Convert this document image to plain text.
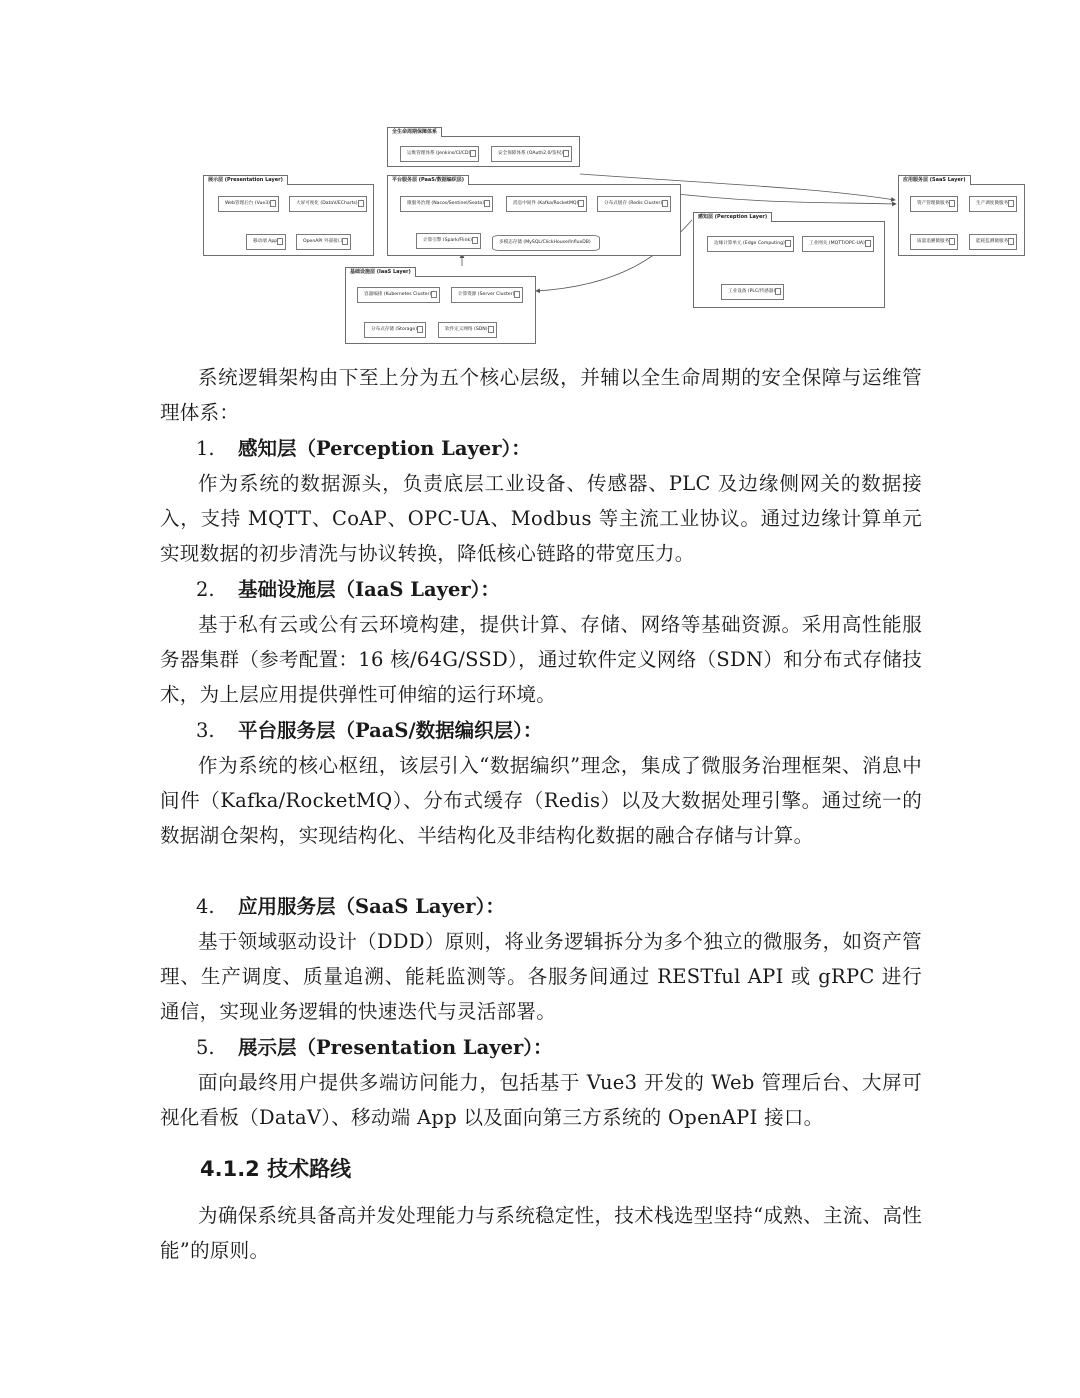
全生命周期保障体系
运维管理体系 (Jenkins/CI/CD)	安全保障体系 (OAuth2.0/鉴权)
展示层 (Presentation Layer)
Web管理后台 (Vue3)	大屏可视化 (DataV/ECharts)
移动端 App	OpenAPI 外部接口
平台服务层 (PaaS/数据编织层)
微服务治理 (Nacos/Sentinel/Seata)	消息中间件 (Kafka/RocketMQ)	分布式缓存 (Redis Cluster)
计算引擎 (Spark/Flink)	多模态存储 (MySQL/ClickHouse/InfluxDB)
应用服务层 (SaaS Layer)
资产管理微服务	生产调度微服务
质量追溯微服务	能耗监测微服务
感知层 (Perception Layer)
边缘计算单元 (Edge Computing)	工业网关 (MQTT/OPC-UA)
工业设备 (PLC/传感器)
基础设施层 (IaaS Layer)
容器编排 (Kubernetes Cluster)	计算资源 (Server Cluster)
分布式存储 (Storage)	软件定义网络 (SDN)
系统逻辑架构由下至上分为五个核心层级，并辅以全生命周期的安全保障与运维管理体系：
1. 感知层（Perception Layer）：
作为系统的数据源头，负责底层工业设备、传感器、PLC 及边缘侧网关的数据接入，支持 MQTT、CoAP、OPC-UA、Modbus 等主流工业协议。通过边缘计算单元实现数据的初步清洗与协议转换，降低核心链路的带宽压力。
2. 基础设施层（IaaS Layer）：
基于私有云或公有云环境构建，提供计算、存储、网络等基础资源。采用高性能服务器集群（参考配置：16 核/64G/SSD），通过软件定义网络（SDN）和分布式存储技术，为上层应用提供弹性可伸缩的运行环境。
3. 平台服务层（PaaS/数据编织层）：
作为系统的核心枢纽，该层引入“数据编织”理念，集成了微服务治理框架、消息中间件（Kafka/RocketMQ）、分布式缓存（Redis）以及大数据处理引擎。通过统一的数据湖仓架构，实现结构化、半结构化及非结构化数据的融合存储与计算。
4. 应用服务层（SaaS Layer）：
基于领域驱动设计（DDD）原则，将业务逻辑拆分为多个独立的微服务，如资产管理、生产调度、质量追溯、能耗监测等。各服务间通过 RESTful API 或 gRPC 进行通信，实现业务逻辑的快速迭代与灵活部署。
5. 展示层（Presentation Layer）：
面向最终用户提供多端访问能力，包括基于 Vue3 开发的 Web 管理后台、大屏可视化看板（DataV）、移动端 App 以及面向第三方系统的 OpenAPI 接口。
4.1.2 技术路线
为确保系统具备高并发处理能力与系统稳定性，技术栈选型坚持“成熟、主流、高性能”的原则。
